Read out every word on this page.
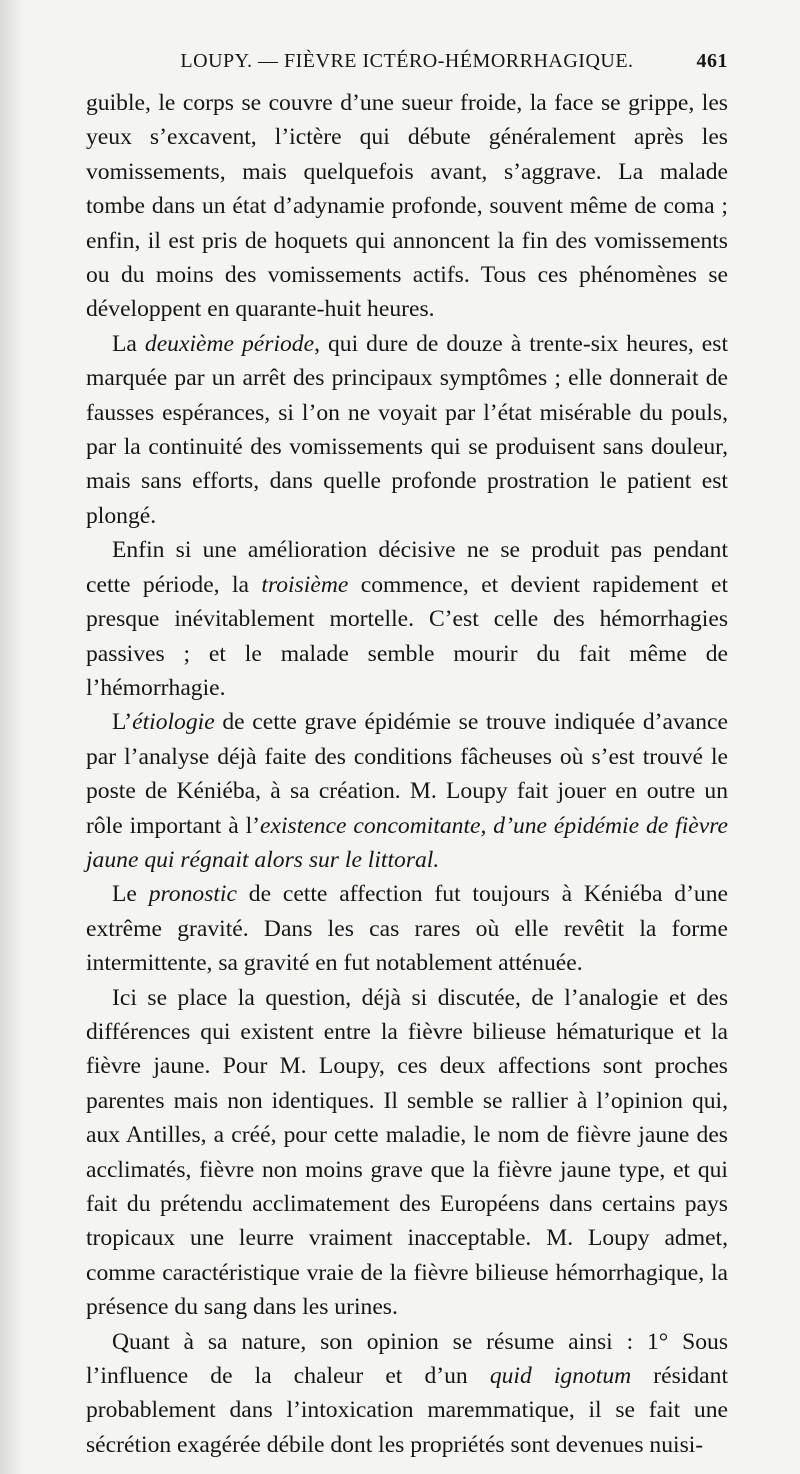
LOUPY. — FIÈVRE ICTÉRO-HÉMORRHAGIQUE.	461

guible, le corps se couvre d’une sueur froide, la face se grippe, les yeux s’excavent, l’ictère qui débute généralement après les vomissements, mais quelquefois avant, s’aggrave. La malade tombe dans un état d’adynamie profonde, souvent même de coma ; enfin, il est pris de hoquets qui annoncent la fin des vomissements ou du moins des vomissements actifs. Tous ces phénomènes se développent en quarante-huit heures.

La deuxième période, qui dure de douze à trente-six heures, est marquée par un arrêt des principaux symptômes ; elle donnerait de fausses espérances, si l’on ne voyait par l’état misérable du pouls, par la continuité des vomissements qui se produisent sans douleur, mais sans efforts, dans quelle profonde prostration le patient est plongé.

Enfin si une amélioration décisive ne se produit pas pendant cette période, la troisième commence, et devient rapidement et presque inévitablement mortelle. C’est celle des hémorrhagies passives ; et le malade semble mourir du fait même de l’hémorrhagie.

L’étiologie de cette grave épidémie se trouve indiquée d’avance par l’analyse déjà faite des conditions fâcheuses où s’est trouvé le poste de Kéniéba, à sa création. M. Loupy fait jouer en outre un rôle important à l’existence concomitante, d’une épidémie de fièvre jaune qui régnait alors sur le littoral.

Le pronostic de cette affection fut toujours à Kéniéba d’une extrême gravité. Dans les cas rares où elle revêtit la forme intermittente, sa gravité en fut notablement atténuée.

Ici se place la question, déjà si discutée, de l’analogie et des différences qui existent entre la fièvre bilieuse hématurique et la fièvre jaune. Pour M. Loupy, ces deux affections sont proches parentes mais non identiques. Il semble se rallier à l’opinion qui, aux Antilles, a créé, pour cette maladie, le nom de fièvre jaune des acclimatés, fièvre non moins grave que la fièvre jaune type, et qui fait du prétendu acclimatement des Européens dans certains pays tropicaux une leurre vraiment inacceptable. M. Loupy admet, comme caractéristique vraie de la fièvre bilieuse hémorrhagique, la présence du sang dans les urines.

Quant à sa nature, son opinion se résume ainsi : 1° Sous l’influence de la chaleur et d’un quid ignotum résidant probablement dans l’intoxication maremmatique, il se fait une sécrétion exagérée débile dont les propriétés sont devenues nuisi-
